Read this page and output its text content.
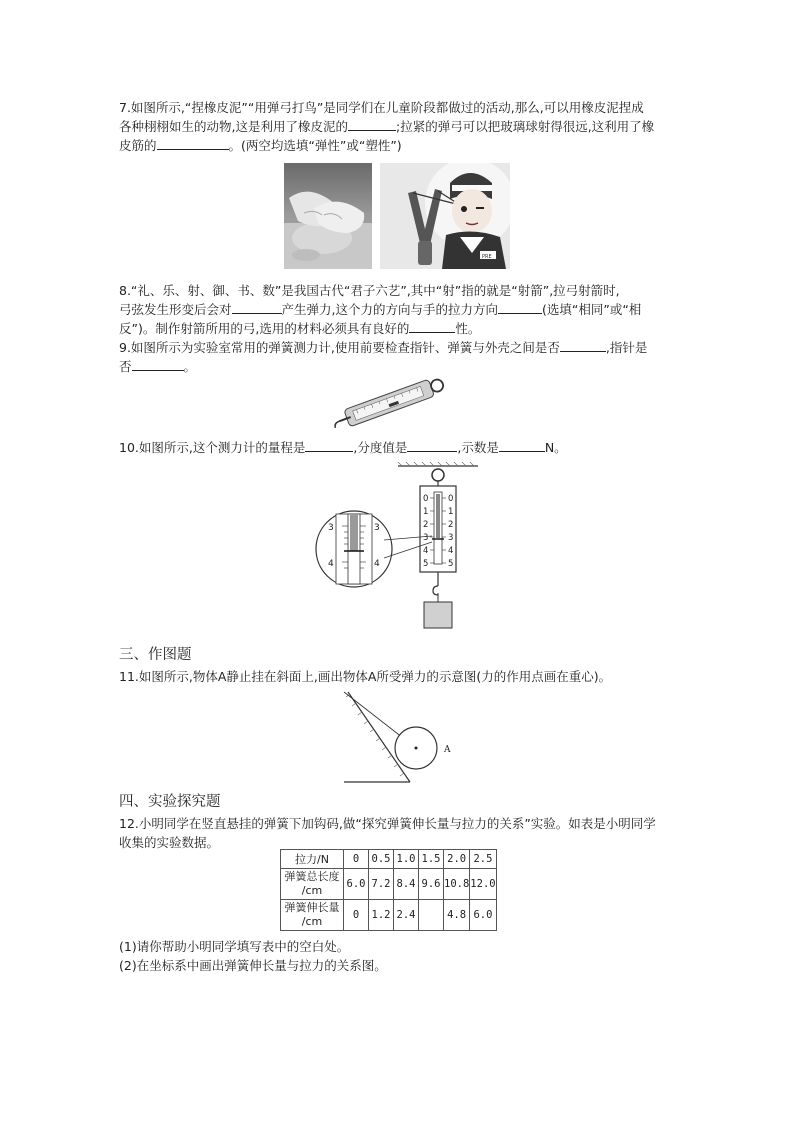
7.如图所示,“捏橡皮泥”“用弹弓打鸟”是同学们在儿童阶段都做过的活动,那么,可以用橡皮泥捏成
各种栩栩如生的动物,这是利用了橡皮泥的	;拉紧的弹弓可以把玻璃球射得很远,这利用了橡
皮筋的	。(两空均选填“弹性”或“塑性”)
PRE
8.“礼、乐、射、御、书、数”是我国古代“君子六艺”,其中“射”指的就是“射箭”,拉弓射箭时,
弓弦发生形变后会对	产生弹力,这个力的方向与手的拉力方向	(选填“相同”或“相
反”)。制作射箭所用的弓,选用的材料必须具有良好的	性。
9.如图所示为实验室常用的弹簧测力计,使用前要检查指针、弹簧与外壳之间是否	,指针是
否	。
10.如图所示,这个测力计的量程是	,分度值是	,示数是	N。
0
1
2
3
4
5
0
1
2
3
4
5
3	3
4	4
三、作图题
11.如图所示,物体A静止挂在斜面上,画出物体A所受弹力的示意图(力的作用点画在重心)。
A
四、实验探究题
12.小明同学在竖直悬挂的弹簧下加钩码,做“探究弹簧伸长量与拉力的关系”实验。如表是小明同学
收集的实验数据。
拉力/N	0	0.5	1.0	1.5	2.0	2.5
弹簧总长度
/cm	6.0	7.2	8.4	9.6	10.8	12.0
弹簧伸长量
/cm	0	1.2	2.4		4.8	6.0
(1)请你帮助小明同学填写表中的空白处。
(2)在坐标系中画出弹簧伸长量与拉力的关系图。
